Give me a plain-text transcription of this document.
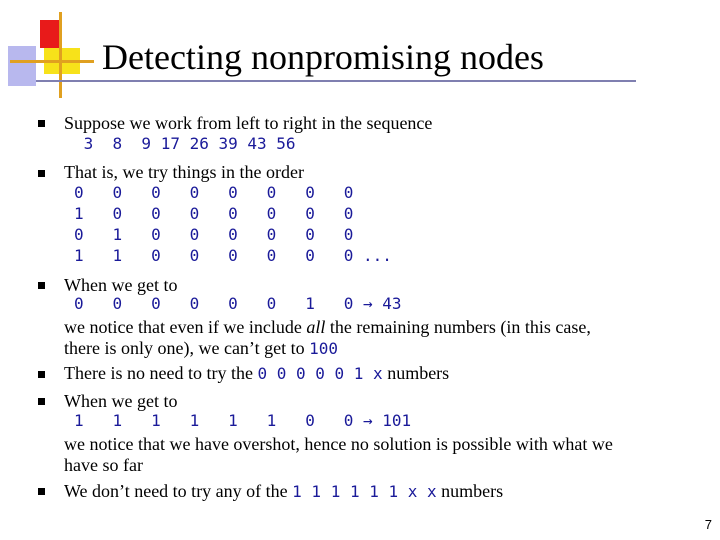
Detecting nonpromising nodes
Suppose we work from left to right in the sequence
3  8  9 17 26 39 43 56
That is, we try things in the order
0   0   0   0   0   0   0   0
1   0   0   0   0   0   0   0
0   1   0   0   0   0   0   0
1   1   0   0   0   0   0   0 ...
When we get to
0   0   0   0   0   0   1   0 → 43
we notice that even if we include all the remaining numbers (in this case,
there is only one), we can’t get to 100
There is no need to try the 0 0 0 0 0 1 x numbers
When we get to
1   1   1   1   1   1   0   0 → 101
we notice that we have overshot, hence no solution is possible with what we
have so far
We don’t need to try any of the 1 1 1 1 1 1 x x numbers
7
